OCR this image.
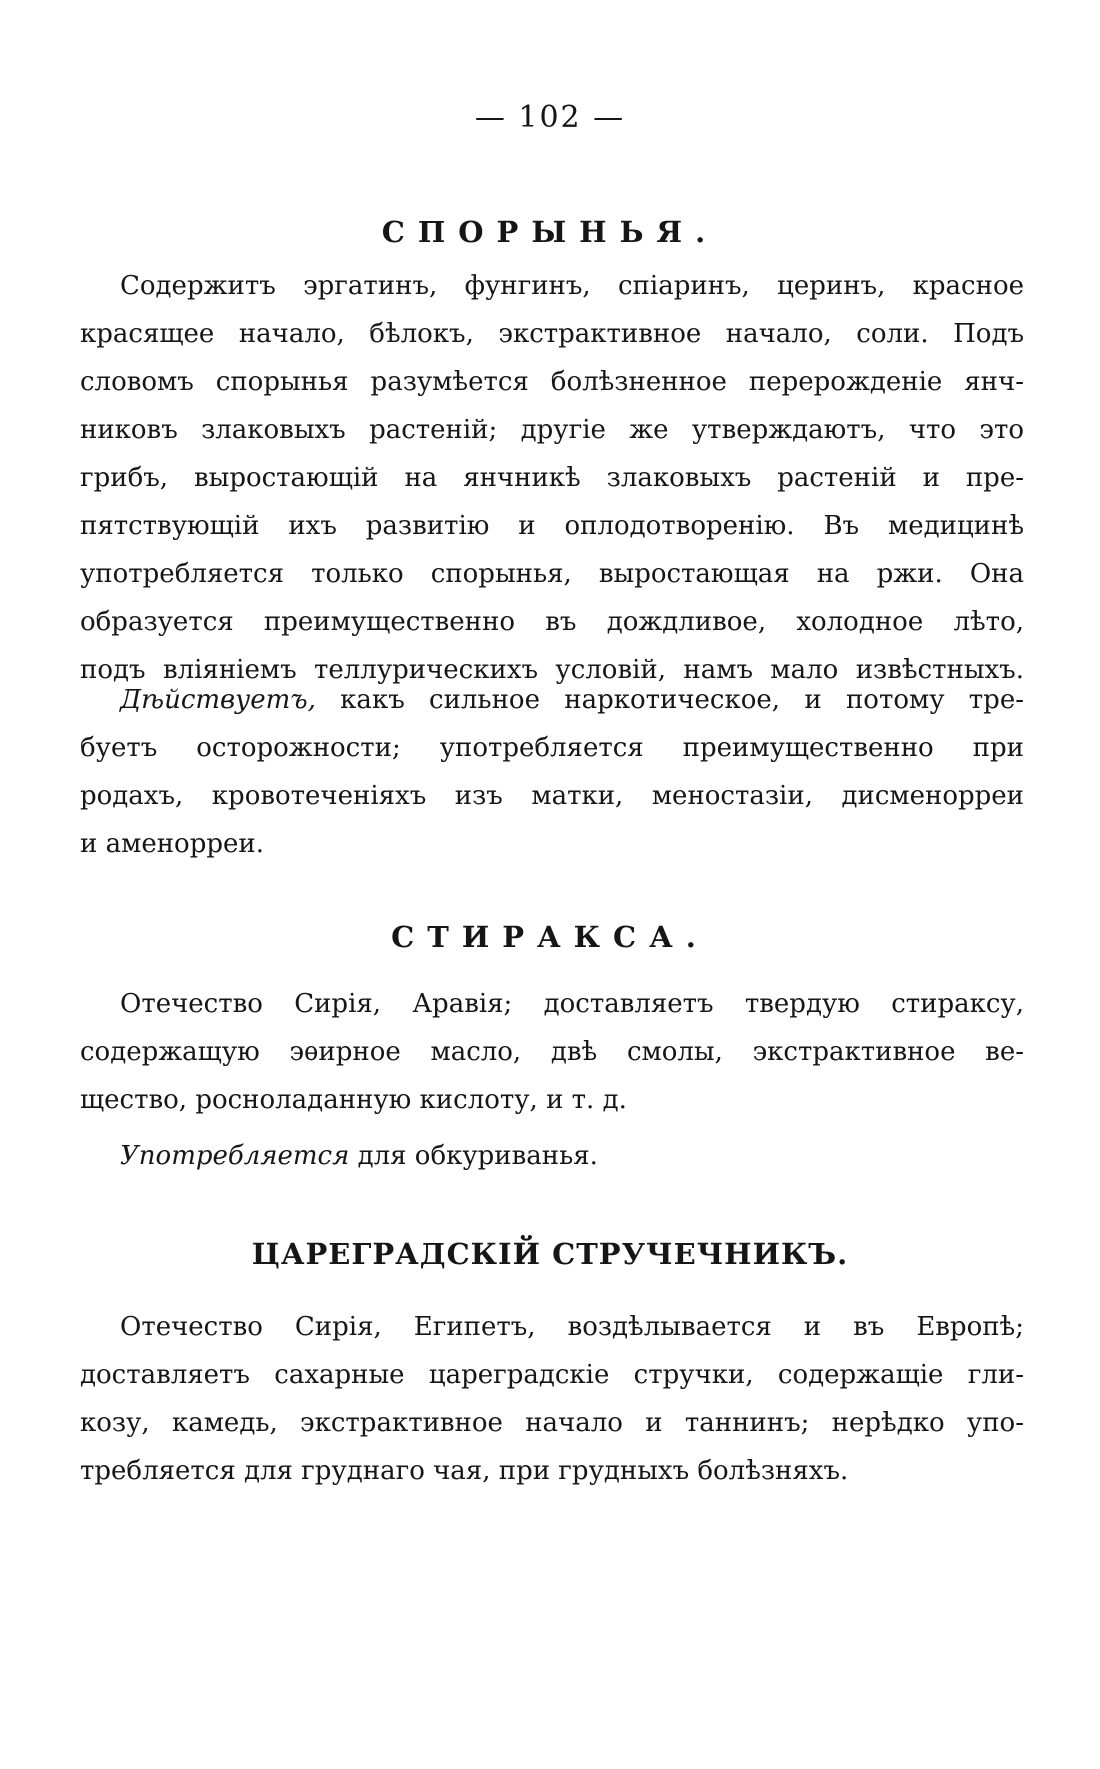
— 102 —
СПОРЫНЬЯ.
Содержитъ эргатинъ, фунгинъ, спіаринъ, церинъ, красное
красящее начало, бѣлокъ, экстрактивное начало, соли. Подъ
словомъ спорынья разумѣется болѣзненное перерожденіе янч-
никовъ злаковыхъ растеній; другіе же утверждаютъ, что это
грибъ, выростающій на янчникѣ злаковыхъ растеній и пре-
пятствующій ихъ развитію и оплодотворенію. Въ медицинѣ
употребляется только спорынья, выростающая на ржи. Она
образуется преимущественно въ дождливое, холодное лѣто,
подъ вліяніемъ теллурическихъ условій, намъ мало извѣстныхъ.
Дѣйствуетъ, какъ сильное наркотическое, и потому тре-
буетъ осторожности; употребляется преимущественно при
родахъ, кровотеченіяхъ изъ матки, меностазіи, дисменорреи
и аменорреи.
СТИРАКСА.
Отечество Сирія, Аравія; доставляетъ твердую стираксу,
содержащую эѳирное масло, двѣ смолы, экстрактивное ве-
щество, росноладанную кислоту, и т. д.
Употребляется для обкуриванья.
ЦАРЕГРАДСКІЙ СТРУЧЕЧНИКЪ.
Отечество Сирія, Египетъ, воздѣлывается и въ Европѣ;
доставляетъ сахарные цареградскіе стручки, содержащіе гли-
козу, камедь, экстрактивное начало и таннинъ; нерѣдко упо-
требляется для груднаго чая, при грудныхъ болѣзняхъ.
